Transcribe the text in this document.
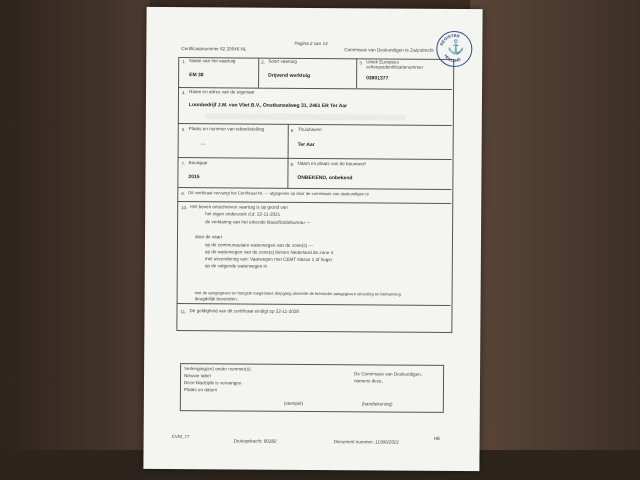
Pagina 2 van 14
Certificaatnummer 82 20546 NL	Commissie van Deskundigen te Zwijndrecht
REGISTER
HOLLAND
⚓
1. Naam van het vaartuig
EM 38
2. Soort vaartuig
Drijvend werktuig
3. Uniek Europees scheepsidentificatienummer
03801377
4. Naam en adres van de eigenaar
Loonbedrijf J.M. van Vliet B.V., Oostkanaalweg 31, 2461 ER Ter Aar
5. Plaats en nummer van teboekstelling
---
6. Thuishaven
Ter Aar
7. Bouwjaar
2015
8. Naam en plaats van de bouwwerf
ONBEKEND, onbekend
9. Dit certificaat vervangt het Certificaat Nr. --- afgegeven op door de commissie van deskundigen te
10. Het boven omschreven vaartuig is op grond van
het eigen onderzoek d.d. 22-11-2021
de verklaring van het erkende klassificatiebureau ---
door de vaart
op de communautaire waterwegen van de zone(s) ---
op de waterwegen van de zone(s) binnen Nederland de zone 4
met uitzondering van: Vaarwegen met CEMT klasse 1 of hoger
op de volgende waterwegen in
met de aangegeven en hoogste toegestane diepgang alsmede de hieronder aangegeven uitrusting en bemanning
deugdelijk bevonden.
11. De geldigheid van dit certificaat eindigt op 22-11-2028
Verlenging(en) onder nummer(s):
Nieuwe tabel
Deze bladzijde is vervangen
Plaats en datum
De Commissie van Deskundigen,
namens deze,
(stempel)	(handtekening)
CVM_77
Drukopdracht: 80282	Document nummer: 11906/2021
HB
